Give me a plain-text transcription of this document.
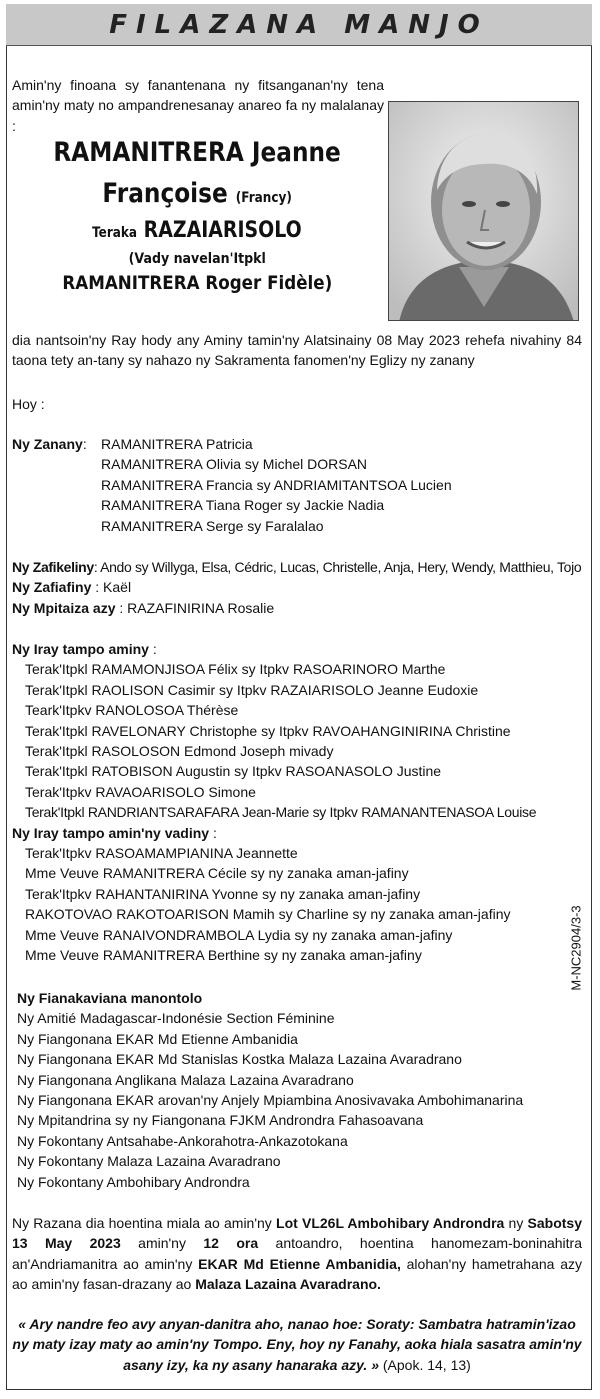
FILAZANA MANJO
Amin'ny finoana sy fanantenana ny fitsanganan'ny tena amin'ny maty no ampandrenesanay anareo fa ny malalanay :
RAMANITRERA Jeanne
Françoise (Francy)
Teraka RAZAIARISOLO
(Vady navelan'Itpkl
RAMANITRERA Roger Fidèle)
dia nantsoin'ny Ray hody any Aminy tamin'ny Alatsinainy 08 May 2023 rehefa nivahiny 84 taona tety an-tany sy nahazo ny Sakramenta fanomen'ny Eglizy ny zanany
Hoy :
Ny Zanany:	RAMANITRERA Patricia
RAMANITRERA Olivia sy Michel DORSAN
RAMANITRERA Francia sy ANDRIAMITANTSOA Lucien
RAMANITRERA Tiana Roger sy Jackie Nadia
RAMANITRERA Serge sy Faralalao
Ny Zafikeliny: Ando sy Willyga, Elsa, Cédric, Lucas, Christelle, Anja, Hery, Wendy, Matthieu, Tojo
Ny Zafiafiny : Kaël
Ny Mpitaiza azy : RAZAFINIRINA Rosalie
Ny Iray tampo aminy :
Terak'Itpkl RAMAMONJISOA Félix sy Itpkv RASOARINORO Marthe
Terak'Itpkl RAOLISON Casimir sy Itpkv RAZAIARISOLO Jeanne Eudoxie
Teark'Itpkv RANOLOSOA Thérèse
Terak'Itpkl RAVELONARY Christophe sy Itpkv RAVOAHANGINIRINA Christine
Terak'Itpkl RASOLOSON Edmond Joseph mivady
Terak'Itpkl RATOBISON Augustin sy Itpkv RASOANASOLO Justine
Terak'Itpkv RAVAOARISOLO Simone
Terak'Itpkl RANDRIANTSARAFARA Jean-Marie sy Itpkv RAMANANTENASOA Louise
Ny Iray tampo amin'ny vadiny :
Terak'Itpkv RASOAMAMPIANINA Jeannette
Mme Veuve RAMANITRERA Cécile sy ny zanaka aman-jafiny
Terak'Itpkv RAHANTANIRINA Yvonne sy ny zanaka aman-jafiny
RAKOTOVAO RAKOTOARISON Mamih sy Charline sy ny zanaka aman-jafiny
Mme Veuve RANAIVONDRAMBOLA Lydia sy ny zanaka aman-jafiny
Mme Veuve RAMANITRERA Berthine sy ny zanaka aman-jafiny	M-NC2904/3-3
Ny Fianakaviana manontolo
Ny Amitié Madagascar-Indonésie Section Féminine
Ny Fiangonana EKAR Md Etienne Ambanidia
Ny Fiangonana EKAR Md Stanislas Kostka Malaza Lazaina Avaradrano
Ny Fiangonana Anglikana Malaza Lazaina Avaradrano
Ny Fiangonana EKAR arovan'ny Anjely Mpiambina Anosivavaka Ambohimanarina
Ny Mpitandrina sy ny Fiangonana FJKM Androndra Fahasoavana
Ny Fokontany Antsahabe-Ankorahotra-Ankazotokana
Ny Fokontany Malaza Lazaina Avaradrano
Ny Fokontany Ambohibary Androndra
Ny Razana dia hoentina miala ao amin'ny Lot VL26L Ambohibary Androndra ny Sabotsy 13 May 2023 amin'ny 12 ora antoandro, hoentina hanomezam-boninahitra an'Andriamanitra ao amin'ny EKAR Md Etienne Ambanidia, alohan'ny hametrahana azy ao amin'ny fasan-drazany ao Malaza Lazaina Avaradrano.
« Ary nandre feo avy anyan-danitra aho, nanao hoe: Soraty: Sambatra hatramin'izao ny maty izay maty ao amin'ny Tompo. Eny, hoy ny Fanahy, aoka hiala sasatra amin'ny asany izy, ka ny asany hanaraka azy. » (Apok. 14, 13)
